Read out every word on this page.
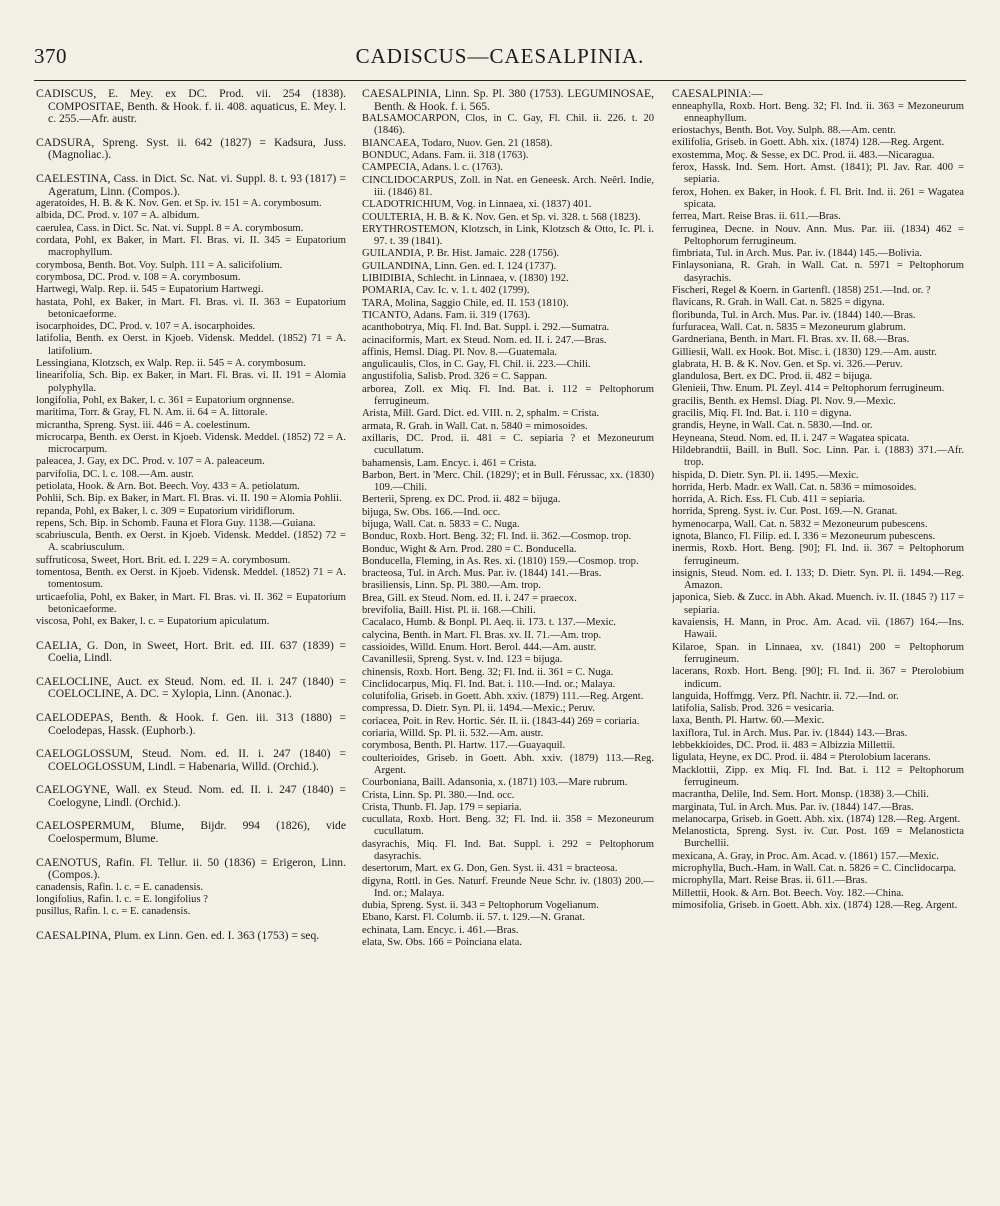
370	CADISCUS—CAESALPINIA.

CADISCUS, E. Mey. ex DC. Prod. vii. 254 (1838). COMPOSITAE, Benth. & Hook. f. ii. 408. aquaticus, E. Mey. l. c. 255.—Afr. austr.

CADSURA, Spreng. Syst. ii. 642 (1827) = Kadsura, Juss. (Magnoliac.).

CAELESTINA, Cass. in Dict. Sc. Nat. vi. Suppl. 8. t. 93 (1817) = Ageratum, Linn. (Compos.).

ageratoides, H. B. & K. Nov. Gen. et Sp. iv. 151 = A. corymbosum.

albida, DC. Prod. v. 107 = A. albidum.

caerulea, Cass. in Dict. Sc. Nat. vi. Suppl. 8 = A. corymbosum.

cordata, Pohl, ex Baker, in Mart. Fl. Bras. vi. II. 345 = Eupatorium macrophyllum.

corymbosa, Benth. Bot. Voy. Sulph. 111 = A. salicifolium.

corymbosa, DC. Prod. v. 108 = A. corymbosum.

Hartwegi, Walp. Rep. ii. 545 = Eupatorium Hartwegi.

hastata, Pohl, ex Baker, in Mart. Fl. Bras. vi. II. 363 = Eupatorium betonicaeforme.

isocarphoides, DC. Prod. v. 107 = A. isocarphoides.

latifolia, Benth. ex Oerst. in Kjoeb. Vidensk. Meddel. (1852) 71 = A. latifolium.

Lessingiana, Klotzsch, ex Walp. Rep. ii. 545 = A. corymbosum.

linearifolia, Sch. Bip. ex Baker, in Mart. Fl. Bras. vi. II. 191 = Alomia polyphylla.

longifolia, Pohl, ex Baker, l. c. 361 = Eupatorium orgnnense.

maritima, Torr. & Gray, Fl. N. Am. ii. 64 = A. littorale.

micrantha, Spreng. Syst. iii. 446 = A. coelestinum.

microcarpa, Benth. ex Oerst. in Kjoeb. Vidensk. Meddel. (1852) 72 = A. microcarpum.

paleacea, J. Gay, ex DC. Prod. v. 107 = A. paleaceum.

parvifolia, DC. l. c. 108.—Am. austr.

petiolata, Hook. & Arn. Bot. Beech. Voy. 433 = A. petiolatum.

Pohlii, Sch. Bip. ex Baker, in Mart. Fl. Bras. vi. II. 190 = Alomia Pohlii.

repanda, Pohl, ex Baker, l. c. 309 = Eupatorium viridiflorum.

repens, Sch. Bip. in Schomb. Fauna et Flora Guy. 1138.—Guiana.

scabriuscula, Benth. ex Oerst. in Kjoeb. Vidensk. Meddel. (1852) 72 = A. scabriusculum.

suffruticosa, Sweet, Hort. Brit. ed. I. 229 = A. corymbosum.

tomentosa, Benth. ex Oerst. in Kjoeb. Vidensk. Meddel. (1852) 71 = A. tomentosum.

urticaefolia, Pohl, ex Baker, in Mart. Fl. Bras. vi. II. 362 = Eupatorium betonicaeforme.

viscosa, Pohl, ex Baker, l. c. = Eupatorium apiculatum.

CAELIA, G. Don, in Sweet, Hort. Brit. ed. III. 637 (1839) = Coelia, Lindl.

CAELOCLINE, Auct. ex Steud. Nom. ed. II. i. 247 (1840) = COELOCLINE, A. DC. = Xylopia, Linn. (Anonac.).

CAELODEPAS, Benth. & Hook. f. Gen. iii. 313 (1880) = Coelodepas, Hassk. (Euphorb.).

CAELOGLOSSUM, Steud. Nom. ed. II. i. 247 (1840) = COELOGLOSSUM, Lindl. = Habenaria, Willd. (Orchid.).

CAELOGYNE, Wall. ex Steud. Nom. ed. II. i. 247 (1840) = Coelogyne, Lindl. (Orchid.).

CAELOSPERMUM, Blume, Bijdr. 994 (1826), vide Coelospermum, Blume.

CAENOTUS, Rafin. Fl. Tellur. ii. 50 (1836) = Erigeron, Linn. (Compos.).

canadensis, Rafin. l. c. = E. canadensis.

longifolius, Rafin. l. c. = E. longifolius ?

pusillus, Rafin. l. c. = E. canadensis.

CAESALPINA, Plum. ex Linn. Gen. ed. I. 363 (1753) = seq.

CAESALPINIA, Linn. Sp. Pl. 380 (1753). LEGUMINOSAE, Benth. & Hook. f. i. 565.

BALSAMOCARPON, Clos, in C. Gay, Fl. Chil. ii. 226. t. 20 (1846).

BIANCAEA, Todaro, Nuov. Gen. 21 (1858).

BONDUC, Adans. Fam. ii. 318 (1763).

CAMPECIA, Adans. l. c. (1763).

CINCLIDOCARPUS, Zoll. in Nat. en Geneesk. Arch. Neêrl. Indie, iii. (1846) 81.

CLADOTRICHIUM, Vog. in Linnaea, xi. (1837) 401.

COULTERIA, H. B. & K. Nov. Gen. et Sp. vi. 328. t. 568 (1823).

ERYTHROSTEMON, Klotzsch, in Link, Klotzsch & Otto, Ic. Pl. i. 97. t. 39 (1841).

GUILANDIA, P. Br. Hist. Jamaic. 228 (1756).

GUILANDINA, Linn. Gen. ed. I. 124 (1737).

LIBIDIBIA, Schlecht. in Linnaea, v. (1830) 192.

POMARIA, Cav. Ic. v. 1. t. 402 (1799).

TARA, Molina, Saggio Chile, ed. II. 153 (1810).

TICANTO, Adans. Fam. ii. 319 (1763).

acanthobotrya, Miq. Fl. Ind. Bat. Suppl. i. 292.—Sumatra.

acinaciformis, Mart. ex Steud. Nom. ed. II. i. 247.—Bras.

affinis, Hemsl. Diag. Pl. Nov. 8.—Guatemala.

angulicaulis, Clos, in C. Gay, Fl. Chil. ii. 223.—Chili.

angustifolia, Salisb. Prod. 326 = C. Sappan.

arborea, Zoll. ex Miq. Fl. Ind. Bat. i. 112 = Peltophorum ferrugineum.

Arista, Mill. Gard. Dict. ed. VIII. n. 2, sphalm. = Crista.

armata, R. Grah. in Wall. Cat. n. 5840 = mimosoides.

axillaris, DC. Prod. ii. 481 = C. sepiaria ? et Mezoneurum cucullatum.

bahamensis, Lam. Encyc. i. 461 = Crista.

Barbon, Bert. in 'Merc. Chil. (1829)'; et in Bull. Férussac, xx. (1830) 109.—Chili.

Berterii, Spreng. ex DC. Prod. ii. 482 = bijuga.

bijuga, Sw. Obs. 166.—Ind. occ.

bijuga, Wall. Cat. n. 5833 = C. Nuga.

Bonduc, Roxb. Hort. Beng. 32; Fl. Ind. ii. 362.—Cosmop. trop.

Bonduc, Wight & Arn. Prod. 280 = C. Bonducella.

Bonducella, Fleming, in As. Res. xi. (1810) 159.—Cosmop. trop.

bracteosa, Tul. in Arch. Mus. Par. iv. (1844) 141.—Bras.

brasiliensis, Linn. Sp. Pl. 380.—Am. trop.

Brea, Gill. ex Steud. Nom. ed. II. i. 247 = praecox.

brevifolia, Baill. Hist. Pl. ii. 168.—Chili.

Cacalaco, Humb. & Bonpl. Pl. Aeq. ii. 173. t. 137.—Mexic.

calycina, Benth. in Mart. Fl. Bras. xv. II. 71.—Am. trop.

cassioides, Willd. Enum. Hort. Berol. 444.—Am. austr.

Cavanillesii, Spreng. Syst. v. Ind. 123 = bijuga.

chinensis, Roxb. Hort. Beng. 32; Fl. Ind. ii. 361 = C. Nuga.

Cinclidocarpus, Miq. Fl. Ind. Bat. i. 110.—Ind. or.; Malaya.

colutifolia, Griseb. in Goett. Abh. xxiv. (1879) 111.—Reg. Argent.

compressa, D. Dietr. Syn. Pl. ii. 1494.—Mexic.; Peruv.

coriacea, Poit. in Rev. Hortic. Sér. II. ii. (1843-44) 269 = coriaria.

coriaria, Willd. Sp. Pl. ii. 532.—Am. austr.

corymbosa, Benth. Pl. Hartw. 117.—Guayaquil.

coulterioides, Griseb. in Goett. Abh. xxiv. (1879) 113.—Reg. Argent.

Courboniana, Baill. Adansonia, x. (1871) 103.—Mare rubrum.

Crista, Linn. Sp. Pl. 380.—Ind. occ.

Crista, Thunb. Fl. Jap. 179 = sepiaria.

cucullata, Roxb. Hort. Beng. 32; Fl. Ind. ii. 358 = Mezoneurum cucullatum.

dasyrachis, Miq. Fl. Ind. Bat. Suppl. i. 292 = Peltophorum dasyrachis.

desertorum, Mart. ex G. Don, Gen. Syst. ii. 431 = bracteosa.

digyna, Rottl. in Ges. Naturf. Freunde Neue Schr. iv. (1803) 200.—Ind. or.; Malaya.

dubia, Spreng. Syst. ii. 343 = Peltophorum Vogelianum.

Ebano, Karst. Fl. Columb. ii. 57. t. 129.—N. Granat.

echinata, Lam. Encyc. i. 461.—Bras.

elata, Sw. Obs. 166 = Poinciana elata.

CAESALPINIA:—

enneaphylla, Roxb. Hort. Beng. 32; Fl. Ind. ii. 363 = Mezoneurum enneaphyllum.

eriostachys, Benth. Bot. Voy. Sulph. 88.—Am. centr.

exilifolia, Griseb. in Goett. Abh. xix. (1874) 128.—Reg. Argent.

exostemma, Moç. & Sesse, ex DC. Prod. ii. 483.—Nicaragua.

ferox, Hassk. Ind. Sem. Hort. Amst. (1841); Pl. Jav. Rar. 400 = sepiaria.

ferox, Hohen. ex Baker, in Hook. f. Fl. Brit. Ind. ii. 261 = Wagatea spicata.

ferrea, Mart. Reise Bras. ii. 611.—Bras.

ferruginea, Decne. in Nouv. Ann. Mus. Par. iii. (1834) 462 = Peltophorum ferrugineum.

fimbriata, Tul. in Arch. Mus. Par. iv. (1844) 145.—Bolivia.

Finlaysoniana, R. Grah. in Wall. Cat. n. 5971 = Peltophorum dasyrachis.

Fischeri, Regel & Koern. in Gartenfl. (1858) 251.—Ind. or. ?

flavicans, R. Grah. in Wall. Cat. n. 5825 = digyna.

floribunda, Tul. in Arch. Mus. Par. iv. (1844) 140.—Bras.

furfuracea, Wall. Cat. n. 5835 = Mezoneurum glabrum.

Gardneriana, Benth. in Mart. Fl. Bras. xv. II. 68.—Bras.

Gilliesii, Wall. ex Hook. Bot. Misc. i. (1830) 129.—Am. austr.

glabrata, H. B. & K. Nov. Gen. et Sp. vi. 326.—Peruv.

glandulosa, Bert. ex DC. Prod. ii. 482 = bijuga.

Glenieii, Thw. Enum. Pl. Zeyl. 414 = Peltophorum ferrugineum.

gracilis, Benth. ex Hemsl. Diag. Pl. Nov. 9.—Mexic.

gracilis, Miq. Fl. Ind. Bat. i. 110 = digyna.

grandis, Heyne, in Wall. Cat. n. 5830.—Ind. or.

Heyneana, Steud. Nom. ed. II. i. 247 = Wagatea spicata.

Hildebrandtii, Baill. in Bull. Soc. Linn. Par. i. (1883) 371.—Afr. trop.

hispida, D. Dietr. Syn. Pl. ii. 1495.—Mexic.

horrida, Herb. Madr. ex Wall. Cat. n. 5836 = mimosoides.

horrida, A. Rich. Ess. Fl. Cub. 411 = sepiaria.

horrida, Spreng. Syst. iv. Cur. Post. 169.—N. Granat.

hymenocarpa, Wall. Cat. n. 5832 = Mezoneurum pubescens.

ignota, Blanco, Fl. Filip. ed. I. 336 = Mezoneurum pubescens.

inermis, Roxb. Hort. Beng. [90]; Fl. Ind. ii. 367 = Peltophorum ferrugineum.

insignis, Steud. Nom. ed. I. 133; D. Dietr. Syn. Pl. ii. 1494.—Reg. Amazon.

japonica, Sieb. & Zucc. in Abh. Akad. Muench. iv. II. (1845 ?) 117 = sepiaria.

kavaiensis, H. Mann, in Proc. Am. Acad. vii. (1867) 164.—Ins. Hawaii.

Kilaroe, Span. in Linnaea, xv. (1841) 200 = Peltophorum ferrugineum.

lacerans, Roxb. Hort. Beng. [90]; Fl. Ind. ii. 367 = Pterolobium indicum.

languida, Hoffmgg. Verz. Pfl. Nachtr. ii. 72.—Ind. or.

latifolia, Salisb. Prod. 326 = vesicaria.

laxa, Benth. Pl. Hartw. 60.—Mexic.

laxiflora, Tul. in Arch. Mus. Par. iv. (1844) 143.—Bras.

lebbekkioides, DC. Prod. ii. 483 = Albizzia Millettii.

ligulata, Heyne, ex DC. Prod. ii. 484 = Pterolobium lacerans.

Macklottii, Zipp. ex Miq. Fl. Ind. Bat. i. 112 = Peltophorum ferrugineum.

macrantha, Delile, Ind. Sem. Hort. Monsp. (1838) 3.—Chili.

marginata, Tul. in Arch. Mus. Par. iv. (1844) 147.—Bras.

melanocarpa, Griseb. in Goett. Abh. xix. (1874) 128.—Reg. Argent.

Melanosticta, Spreng. Syst. iv. Cur. Post. 169 = Melanosticta Burchellii.

mexicana, A. Gray, in Proc. Am. Acad. v. (1861) 157.—Mexic.

microphylla, Buch.-Ham. in Wall. Cat. n. 5826 = C. Cinclidocarpa.

microphylla, Mart. Reise Bras. ii. 611.—Bras.

Millettii, Hook. & Arn. Bot. Beech. Voy. 182.—China.

mimosifolia, Griseb. in Goett. Abh. xix. (1874) 128.—Reg. Argent.
